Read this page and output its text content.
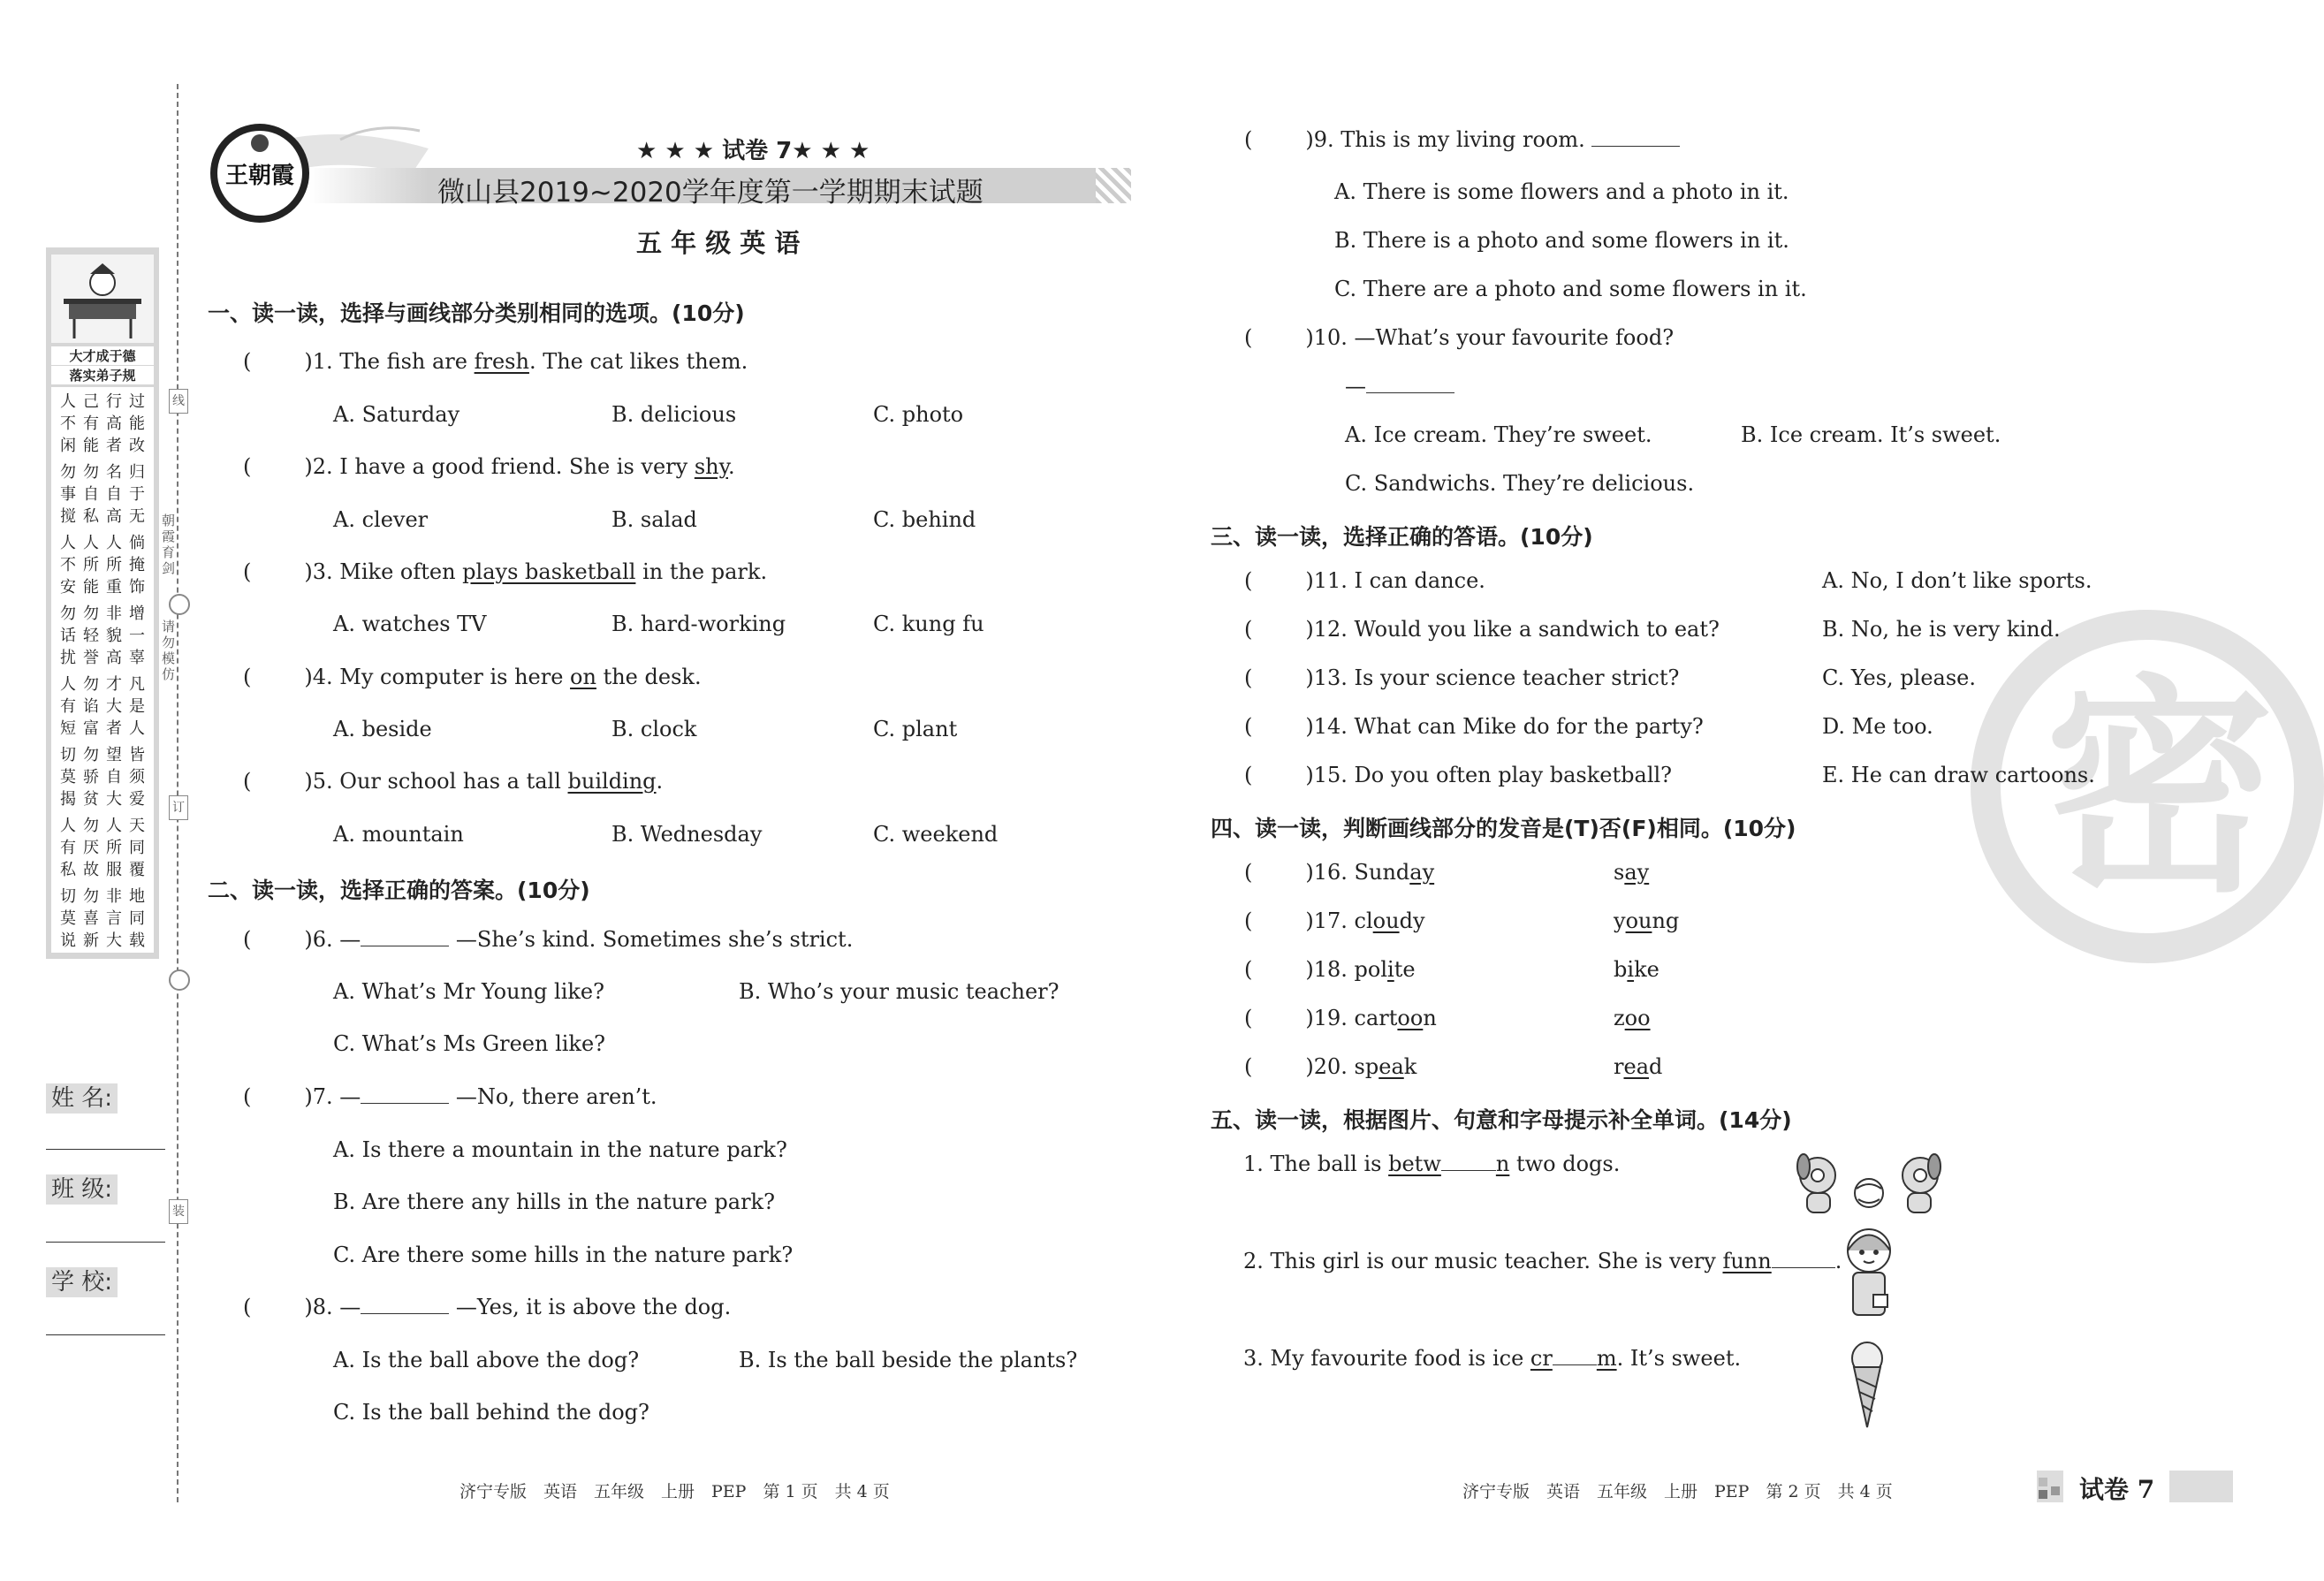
线
朝霞育剑
请勿模仿
订
装
大才成于德
落实弟子规
人己行过
不有高能
闲能者改
勿勿名归
事自自于
搅私高无
人人人倘
不所所掩
安能重饰
勿勿非增
话轻貌一
扰誉高辜
人勿才凡
有谄大是
短富者人
切勿望皆
莫骄自须
揭贫大爱
人勿人天
有厌所同
私故服覆
切勿非地
莫喜言同
说新大载
姓 名:
班 级:
学 校:
王朝霞
★ ★ ★ 试卷 7★ ★ ★
微山县2019~2020学年度第一学期期末试题
五 年 级 英 语
一、读一读，选择与画线部分类别相同的选项。(10分)
(	)1. The fish are fresh. The cat likes them.
A. Saturday	B. delicious	C. photo
(	)2. I have a good friend. She is very shy.
A. clever	B. salad	C. behind
(	)3. Mike often plays basketball in the park.
A. watches TV	B. hard-working	C. kung fu
(	)4. My computer is here on the desk.
A. beside	B. clock	C. plant
(	)5. Our school has a tall building.
A. mountain	B. Wednesday	C. weekend
二、读一读，选择正确的答案。(10分)
(	)6. —	—She’s kind. Sometimes she’s strict.
A. What’s Mr Young like?	B. Who’s your music teacher?
C. What’s Ms Green like?
(	)7. —	—No, there aren’t.
A. Is there a mountain in the nature park?
B. Are there any hills in the nature park?
C. Are there some hills in the nature park?
(	)8. —	—Yes, it is above the dog.
A. Is the ball above the dog?	B. Is the ball beside the plants?
C. Is the ball behind the dog?
济宁专版　英语　五年级　上册　PEP　第 1 页　共 4 页
密
(	)9. This is my living room.
A. There is some flowers and a photo in it.
B. There is a photo and some flowers in it.
C. There are a photo and some flowers in it.
(	)10. —What’s your favourite food?
—
A. Ice cream. They’re sweet.	B. Ice cream. It’s sweet.
C. Sandwichs. They’re delicious.
三、读一读，选择正确的答语。(10分)
(	)11. I can dance.	A. No, I don’t like sports.
(	)12. Would you like a sandwich to eat?	B. No, he is very kind.
(	)13. Is your science teacher strict?	C. Yes, please.
(	)14. What can Mike do for the party?	D. Me too.
(	)15. Do you often play basketball?	E. He can draw cartoons.
四、读一读，判断画线部分的发音是(T)否(F)相同。(10分)
(	)16. Sunday	say
(	)17. cloudy	young
(	)18. polite	bike
(	)19. cartoon	zoo
(	)20. speak	read
五、读一读，根据图片、句意和字母提示补全单词。(14分)
1. The ball is betw	n two dogs.
2. This girl is our music teacher. She is very funn	.
3. My favourite food is ice cr m. It’s sweet.
济宁专版　英语　五年级　上册　PEP　第 2 页　共 4 页	试卷 7
